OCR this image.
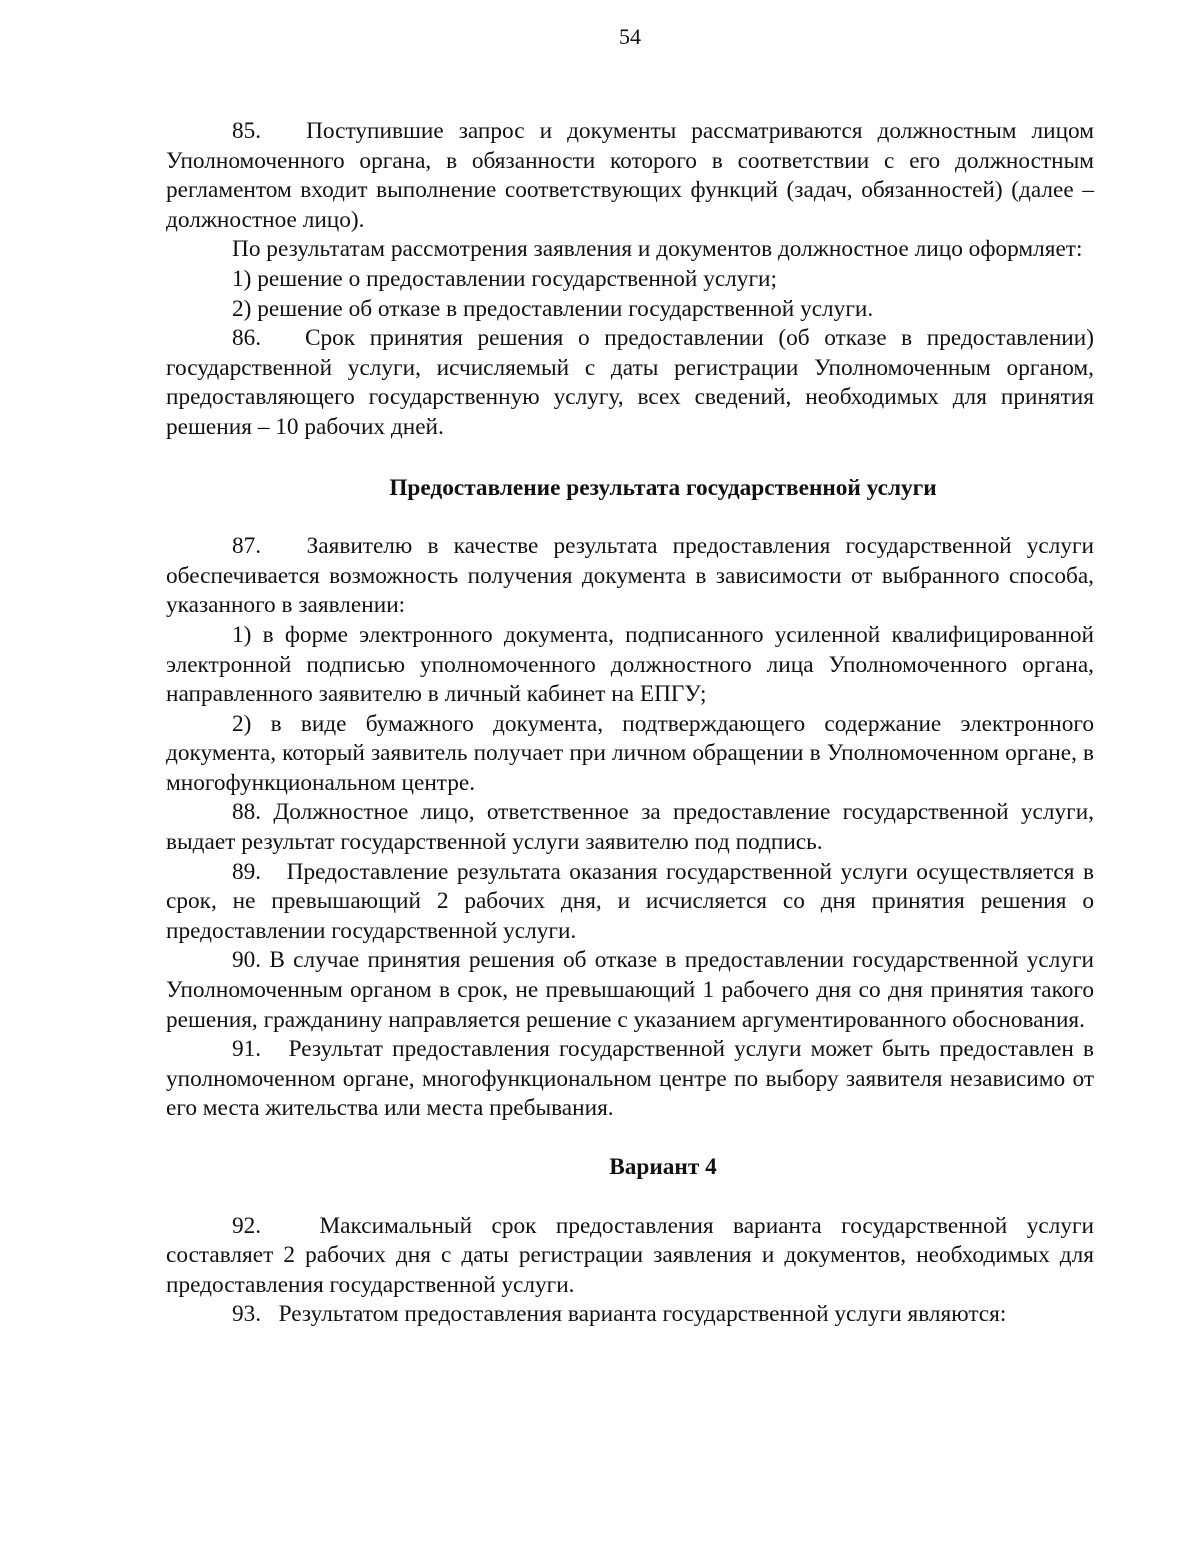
54

85.   Поступившие запрос и документы рассматриваются должностным лицом Уполномоченного органа, в обязанности которого в соответствии с его должностным регламентом входит выполнение соответствующих функций (задач, обязанностей) (далее – должностное лицо).

По результатам рассмотрения заявления и документов должностное лицо оформляет:

1) решение о предоставлении государственной услуги;

2) решение об отказе в предоставлении государственной услуги.

86.   Срок принятия решения о предоставлении (об отказе в предоставлении) государственной услуги, исчисляемый с даты регистрации Уполномоченным органом, предоставляющего государственную услугу, всех сведений, необходимых для принятия решения – 10 рабочих дней.

Предоставление результата государственной услуги

87.   Заявителю в качестве результата предоставления государственной услуги обеспечивается возможность получения документа в зависимости от выбранного способа, указанного в заявлении:

1) в форме электронного документа, подписанного усиленной квалифицированной электронной подписью уполномоченного должностного лица Уполномоченного органа, направленного заявителю в личный кабинет на ЕПГУ;

2) в виде бумажного документа, подтверждающего содержание электронного документа, который заявитель получает при личном обращении в Уполномоченном органе, в многофункциональном центре.

88. Должностное лицо, ответственное за предоставление государственной услуги, выдает результат государственной услуги заявителю под подпись.

89.   Предоставление результата оказания государственной услуги осуществляется в срок, не превышающий 2 рабочих дня, и исчисляется со дня принятия решения о предоставлении государственной услуги.

90. В случае принятия решения об отказе в предоставлении государственной услуги Уполномоченным органом в срок, не превышающий 1 рабочего дня со дня принятия такого решения, гражданину направляется решение с указанием аргументированного обоснования.

91.   Результат предоставления государственной услуги может быть предоставлен в уполномоченном органе, многофункциональном центре по выбору заявителя независимо от его места жительства или места пребывания.

Вариант 4

92.   Максимальный срок предоставления варианта государственной услуги составляет 2 рабочих дня с даты регистрации заявления и документов, необходимых для предоставления государственной услуги.

93.   Результатом предоставления варианта государственной услуги являются:
